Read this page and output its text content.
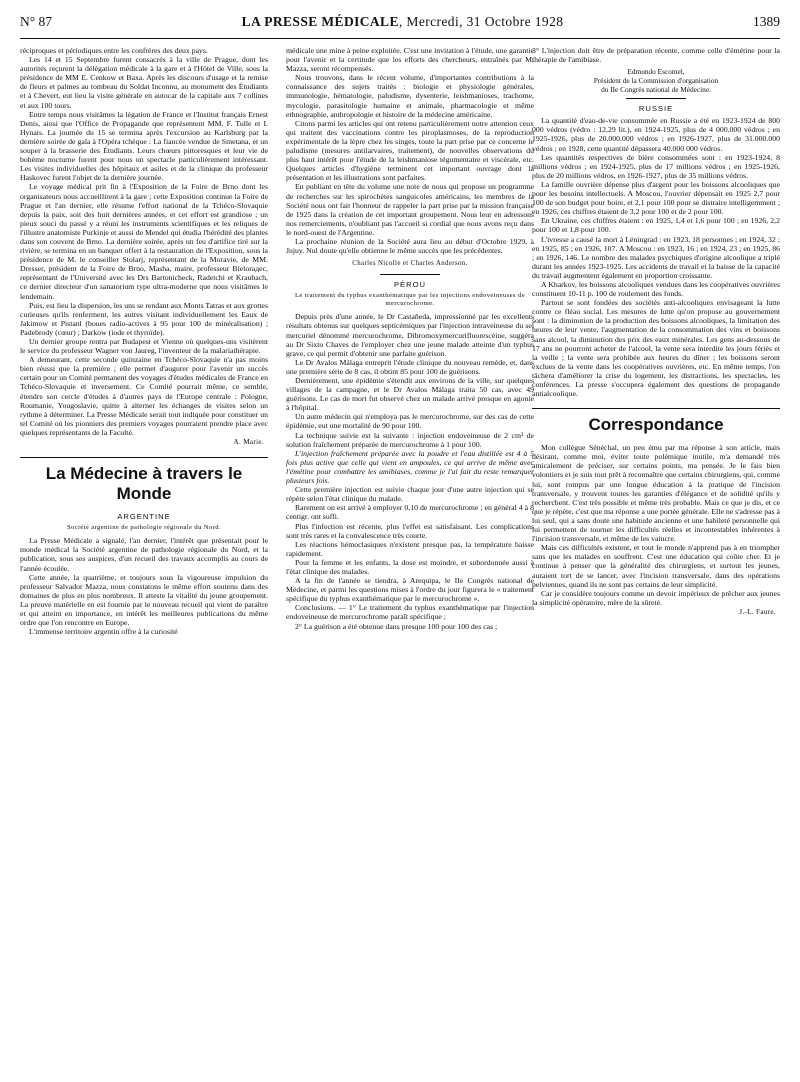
N° 87	LA PRESSE MÉDICALE, Mercredi, 31 Octobre 1928	1389

réciproques et périodiques entre les confrères des deux pays.

Les 14 et 15 Septembre furent consacrés à la ville de Prague, dont les autorités reçurent la délégation médicale à la gare et à l'Hôtel de Ville, sous la présidence de MM E. Cenkow et Baxa. Après les discours d'usage et la remise de fleurs et palmes au tombeau du Soldat Inconnu, au monument des Étudiants et à Chevert, eut lieu la visite générale en autocar de la capitale aux 7 collines et aux 100 tours.

Entre temps nous visitâmes la légation de France et l'Institut français Ernest Denis, ainsi que l'Office de Propagande que représentent MM. F. Tulle et I. Hynais. La journée du 15 se termina après l'excursion au Karlsburg par la dernière soirée de gala à l'Opéra tchèque : La fiancée vendue de Smetana, et un souper à la brasserie des Étudiants. Leurs chœurs pittoresques et leur vie de bohème nocturne furent pour nous un spectacle particulièrement intéressant. Les visites individuelles des hôpitaux et asiles et de la clinique du professeur Haskovec furent l'objet de la dernière journée.

Le voyage médical prit fin à l'Exposition de la Foire de Brno dont les organisateurs nous accueillirent à la gare ; cette Exposition continue la Foire de Prague et l'an dernier, elle résume l'effort national de la Tchéco-Slovaquie depuis la paix, soit des huit dernières années, et cet effort est grandiose ; un pieux souci du passé y a réuni les instruments scientifiques et les reliques de l'illustre anatomiste Purkinje et aussi de Mendel qui étudia l'hérédité des plantes dans son couvent de Brno. La dernière soirée, après un feu d'artifice tiré sur la rivière, se termina en un banquet offert à la restauration de l'Exposition, sous la présidence de M. le conseiller Stolarj, représentant de la Moravie, de MM. Dresser, président de la Foire de Brno, Masha, maire, professeur Bielorадec, représentant de l'Université avec les Drs Bartonicheck, Radetchi et Kraubach, ce dernier directeur d'un sanatorium type ultra-moderne que nous visitâmes le lendemain.

Puis, est lieu la dispersion, les uns se rendant aux Monts Tatras et aux grottes curieuses qu'ils renferment, les autres visitant individuellement les Eaux de Jakimow et Pistanl (boues radio-actives à 95 pour 100 de minéralisation) ; Padebrody (cœur) ; Darkow (iode et thyroïde).

Un dernier groupe rentra par Budapest et Vienne où quelques-uns visitèrent le service du professeur Wagner von Jaureg, l'inventeur de la malariathérapie.

A demeurant, cette seconde quinzaine en Tchéco-Slovaquie n'a pas moins bien réussi que la première ; elle permet d'augurer pour l'avenir un succès certain pour un Comité permanent des voyages d'études médicales de France en Tchéco-Slovaquie et inversement. Ce Comité pourrait même, ce semble, étendre son cercle d'études à d'autres pays de l'Europe centrale : Pologne, Roumanie, Yougoslavie, quitte à alterner les échanges de visites selon un rythme à déterminer. La Presse Médicale serait tout indiquée pour constituer un tel Comité où les pionniers des premiers voyages pourraient prendre place avec quelques représentants de la Faculté.

A. Marie.
La Médecine à travers le Monde
ARGENTINE
Société argentine de pathologie régionale du Nord.

La Presse Médicale a signalé, l'an dernier, l'intérêt que présentait pour le monde médical la Société argentine de pathologie régionale du Nord, et la publication, sous ses auspices, d'un recueil des travaux accomplis au cours de l'année écoulée.

Cette année, la quatrième, et toujours sous la vigoureuse impulsion du professeur Salvador Mazza, nous constatons le même effort soutenu dans des domaines de plus en plus nombreux. Il atteste la vitalité du jeune groupement. La preuve matérielle en est fournie par le nouveau recueil qui vient de paraître et qui atteint en importance, en intérêt les meilleures publications du même ordre que l'on rencontre en Europe.

L'immense territoire argentin offre à la curiosité

médicale une mine à peine exploitée. C'est une invitation à l'étude, une garantie pour l'avenir et la certitude que les efforts des chercheurs, entraînés par M. Mazza, seront récompensés.

Nous trouvons, dans le récent volume, d'importantes contributions à la connaissance des sujets traités : biologie et physiologie générales, immunologie, hématologie, paludisme, dysenterie, leishmanioses, trachome, mycologie, parasitologie humaine et animale, pharmacologie et même ethnographie, anthropologie et histoire de la médecine américaine.

Citons parmi les articles qui ont retenu particulièrement notre attention ceux qui traitent des vaccinations contre les piroplasmoses, de la reproduction expérimentale de la lèpre chez les singes, toute la part prise par ce concerne le paludisme (mesures antilarvaires, traitement), de nouvelles observations du plus haut intérêt pour l'étude de la leishmaniose tégumentaire et viscérale, etc. Quelques articles d'hygiène terminent cet important ouvrage dont la présentation et les illustrations sont parfaites.

En publiant en tête du volume une note de nous qui propose un programme de recherches sur les spirochètes sanguicoles américains, les membres de la Société nous ont fait l'honneur de rappeler la part prise par la mission française de 1925 dans la création de cet important groupement. Nous leur en adressons nos remerciements, n'oubliant pas l'accueil si cordial que nous avons reçu dans le nord-ouest de l'Argentine.

La prochaine réunion de la Société aura lieu au début d'Octobre 1929, à Jujuy. Nul doute qu'elle obtienne le même succès que les précédentes.

Charles Nicolle et Charles Anderson.
PÉROU
Le traitement du typhus exanthématique par les injections endoveineuses de mercurochrome.

Depuis près d'une année, le Dr Castañeda, impressionné par les excellents résultats obtenus sur quelques septicémiques par l'injection intraveineuse du sel mercuriel dénommé mercurochrome, Dibromoxymercurifluorescéine, suggéra au Dr Sixto Chaves de l'employer chez une jeune malade atteinte d'un typhus grave, ce qui permit d'obtenir une parfaite guérison.

Le Dr Avalos Málaga entreprit l'étude clinique du nouveau remède, et, dans une première série de 8 cas, il obtint 85 pour 100 de guérisons.

Dernièrement, une épidémie s'étendit aux environs de la ville, sur quelques villages de la campagne, et le Dr Avalos Málaga traita 50 cas, avec 49 guérisons. Le cas de mort fut observé chez un malade arrivé presque en agonie à l'hôpital.

Un autre médecin qui n'employa pas le mercurochrome, sur des cas de cette épidémie, eut une mortalité de 90 pour 100.

La technique suivie est la suivante : injection endoveineuse de 2 cm³ de solution fraîchement préparée de mercurochrome à 1 pour 100.

L'injection fraîchement préparée avec la poudre et l'eau distillée est 4 à 5 fois plus active que celle qui vient en ampoules, ce qui arrive de même avec l'émétine pour combattre les amibiases, comme je l'ai fait du reste remarquer plusieurs fois.

Cette première injection est suivie chaque jour d'une autre injection qui se répète selon l'état clinique du malade.

Rarement on est arrivé à employer 0,10 de mercurochrome ; en général 4 à 8 centigr. ont suffi.

Plus l'infection est récente, plus l'effet est satisfaisant. Les complications sont très rares et la convalescence très courte.

Les réactions hémoclasiques n'existent presque pas, la température baisse rapidement.

Pour la femme et les enfants, la dose est moindre, et subordonnée aussi à l'état clinique des malades.

A la fin de l'année se tiendra, à Arequipa, le IIe Congrès national de Médecine, et parmi les questions mises à l'ordre du jour figurera le « traitement spécifique du typhus exanthématique par le mercurochrome ».

Conclusions. — 1° Le traitement du typhus exanthématique par l'injection endoveineuse de mercurochrome paraît spécifique ;

2° La guérison a été obtenue dans presque 100 pour 100 des cas ;

3° L'injection doit être de préparation récente, comme celle d'émétine pour la thérapie de l'amibiase.

Edmundo Escomel,
Président de la Commission d'organisation
du IIe Congrès national de Médecine.
RUSSIE

La quantité d'eau-de-vie consommée en Russie a été en 1923-1924 de 800 000 védros (védro : 12,29 lit.), en 1924-1925, plus de 4 000.000 védros ; en 1925-1926, plus de 20.000.000 védros ; en 1926-1927, plus de 31.000.000 védros ; en 1928, cette quantité dépassera 40.000 000 védros.

Les quantités respectives de bière consommées sont : en 1923-1924, 8 millions védros ; en 1924-1925, plus de 17 millions védros ; en 1925-1926, plus de 20 millions védros, en 1926-1927, plus de 35 millions védros.

La famille ouvrière dépense plus d'argent pour les boissons alcooliques que pour les besoins intellectuels. A Moscou, l'ouvrier dépensait en 1925 2,7 pour 100 de son budget pour boire, et 2,1 pour 100 pour se distraire intelligemment ; en 1926, ces chiffres étaient de 3,2 pour 100 et de 2 pour 100.

En Ukraine, ces chiffres étaient : en 1925, 1,4 et 1,6 pour 100 ; en 1926, 2,2 pour 100 et 1,8 pour 100.

L'ivresse a causé la mort à Léningrad : en 1923, 18 personnes ; en 1924, 32 ; en 1925, 85 ; en 1926, 107. A Moscou : en 1923, 16 ; en 1924, 23 ; en 1925, 86 ; en 1926, 146. Le nombre des malades psychiques d'origine alcoolique a triplé durant les années 1923-1925. Les accidents de travail et la baisse de la capacité du travail augmentent également en proportion croissante.

A Kharkov, les boissons alcooliques vendues dans les coopératives ouvrières constituent 10-11 p. 100 de roulement des fonds.

Partout se sont fondées des sociétés anti-alcooliques envisageant la lutte contre ce fléau social. Les mesures de lutte qu'on propose au gouvernement sont : la diminution de la production des boissons alcooliques, la limitation des heures de leur vente, l'augmentation de la consommation des vins et boissons sans alcool, la diminution des prix des eaux minérales. Les gens au-dessous de 17 ans ne pourront acheter de l'alcool, la vente sera interdite les jours fériés et la veille ; la vente sera prohibée aux heures du dîner ; les boissons seront exclues de la vente dans les coopératives ouvrières, etc. En même temps, l'on tâchera d'améliorer la crise du logement, les distractions, les spectacles, les conférences. La presse s'occupera également des questions de propagande antialcoolique.

Correspondance

Mon collègue Sénéchal, un peu ému par ma réponse à son article, mais désirant, comme moi, éviter toute polémique inutile, m'a demandé très amicalement de préciser, sur certains points, ma pensée. Je le fais bien volontiers et je suis tout prêt à reconnaître que certains chirurgiens, qui, comme lui, sont rompus par une longue éducation à la pratique de l'incision transversale, y trouvent toutes les garanties d'élégance et de solidité qu'ils y recherchent. C'est très possible et même très probable. Mais ce que je dis, et ce que je répète, c'est que ma réponse a une portée générale. Elle ne s'adresse pas à lui seul, qui a sans doute une habitude ancienne et une habileté personnelle qui lui permettent de tourner les difficultés réelles et incontestables inhérentes à l'incision transversale, et même de les vaincre.

Mais ces difficultés existent, et tout le monde n'apprend pas à en triompher sans que les malades en souffrent. C'est une éducation qui coûte cher. Et je continue à penser que la généralité des chirurgiens, et surtout les jeunes, auraient tort de se lancer, avec l'incision transversale, dans des opérations pelviennes, quand ils ne sont pas certains de leur simplicité.

Car je considère toujours comme un devoir impérieux de prêcher aux jeunes la simplicité opératoire, mère de la sûreté.

J.-L. Faure.
